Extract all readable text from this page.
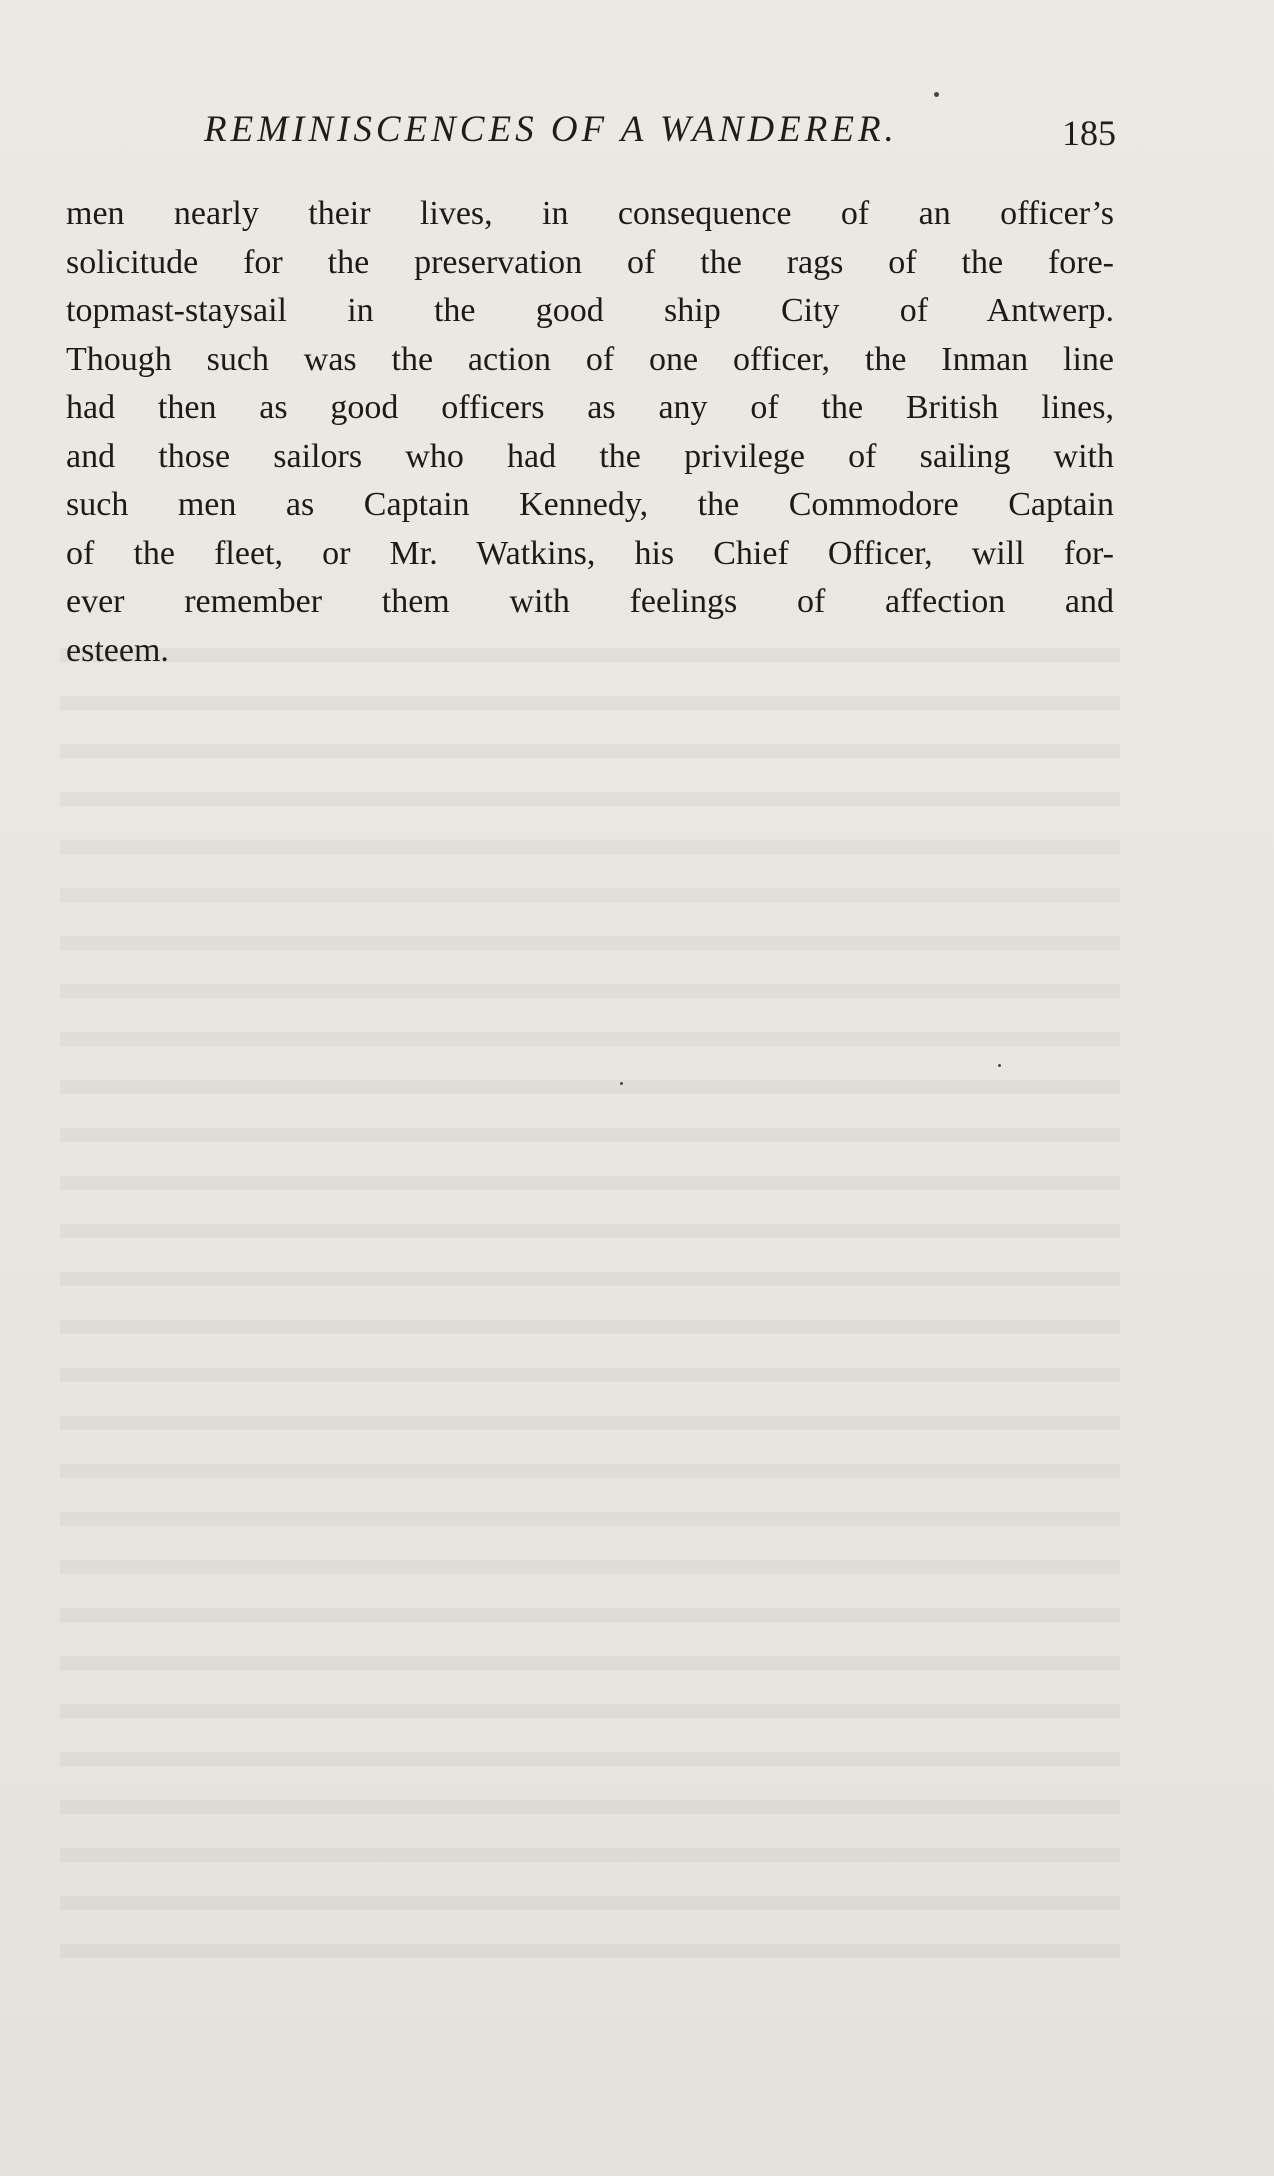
REMINISCENCES OF A WANDERER.	185
men nearly their lives, in consequence of an officer’s
solicitude for the preservation of the rags of the fore-
topmast-staysail in the good ship City of Antwerp.
Though such was the action of one officer, the Inman line
had then as good officers as any of the British lines,
and those sailors who had the privilege of sailing with
such men as Captain Kennedy, the Commodore Captain
of the fleet, or Mr. Watkins, his Chief Officer, will for-
ever remember them with feelings of affection and
esteem.
